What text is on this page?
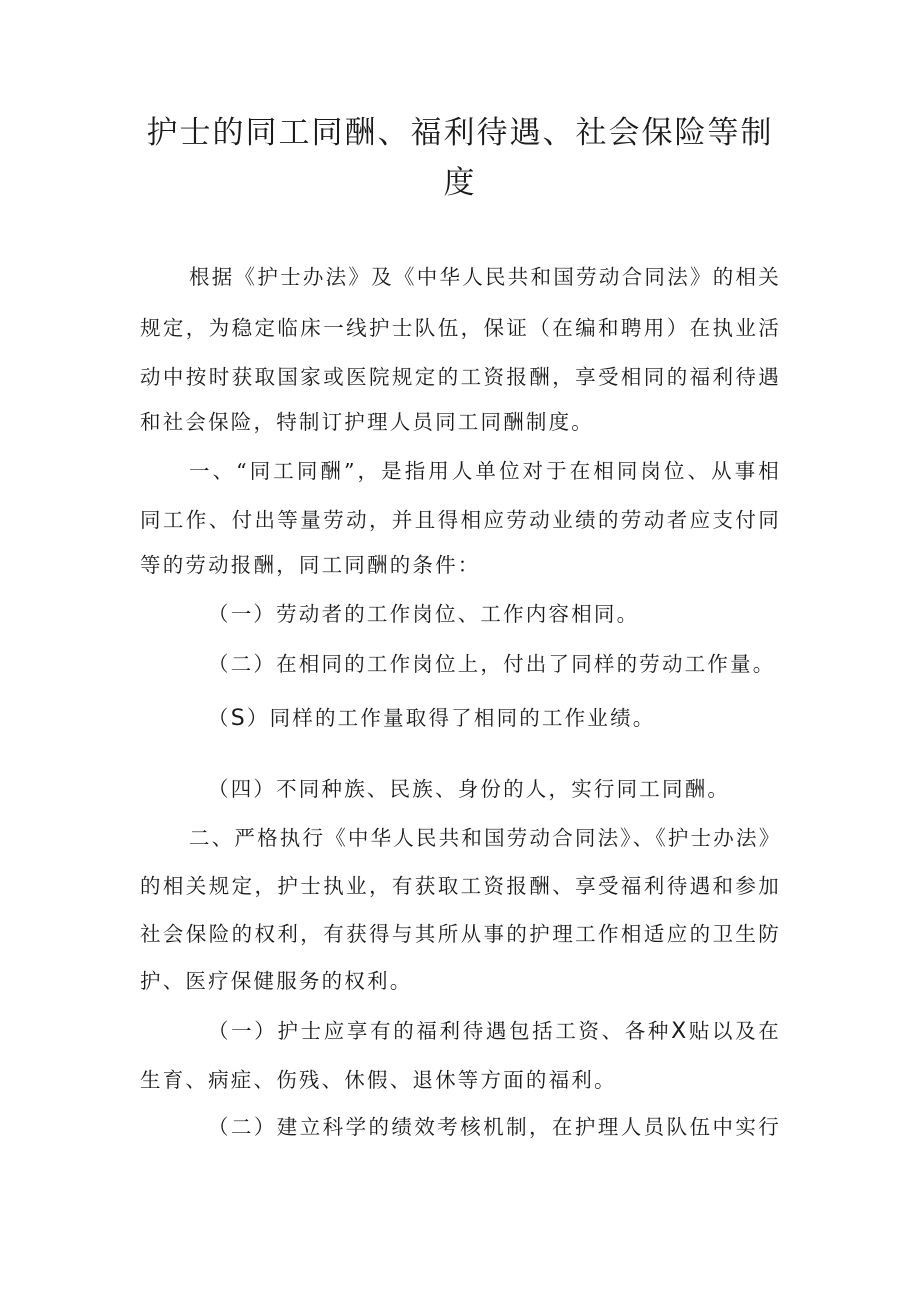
护士的同工同酬、福利待遇、社会保险等制
度

根据《护士办法》及《中华人民共和国劳动合同法》的相关

规定，为稳定临床一线护士队伍，保证（在编和聘用）在执业活

动中按时获取国家或医院规定的工资报酬，享受相同的福利待遇

和社会保险，特制订护理人员同工同酬制度。

一、“同工同酬”，是指用人单位对于在相同岗位、从事相

同工作、付出等量劳动，并且得相应劳动业绩的劳动者应支付同

等的劳动报酬，同工同酬的条件：

（一）劳动者的工作岗位、工作内容相同。

（二）在相同的工作岗位上，付出了同样的劳动工作量。

（S）同样的工作量取得了相同的工作业绩。

（四）不同种族、民族、身份的人，实行同工同酬。

二、严格执行《中华人民共和国劳动合同法》、《护士办法》

的相关规定，护士执业，有获取工资报酬、享受福利待遇和参加

社会保险的权利，有获得与其所从事的护理工作相适应的卫生防

护、医疗保健服务的权利。

（一）护士应享有的福利待遇包括工资、各种X贴以及在

生育、病症、伤残、休假、退休等方面的福利。

（二）建立科学的绩效考核机制，在护理人员队伍中实行
